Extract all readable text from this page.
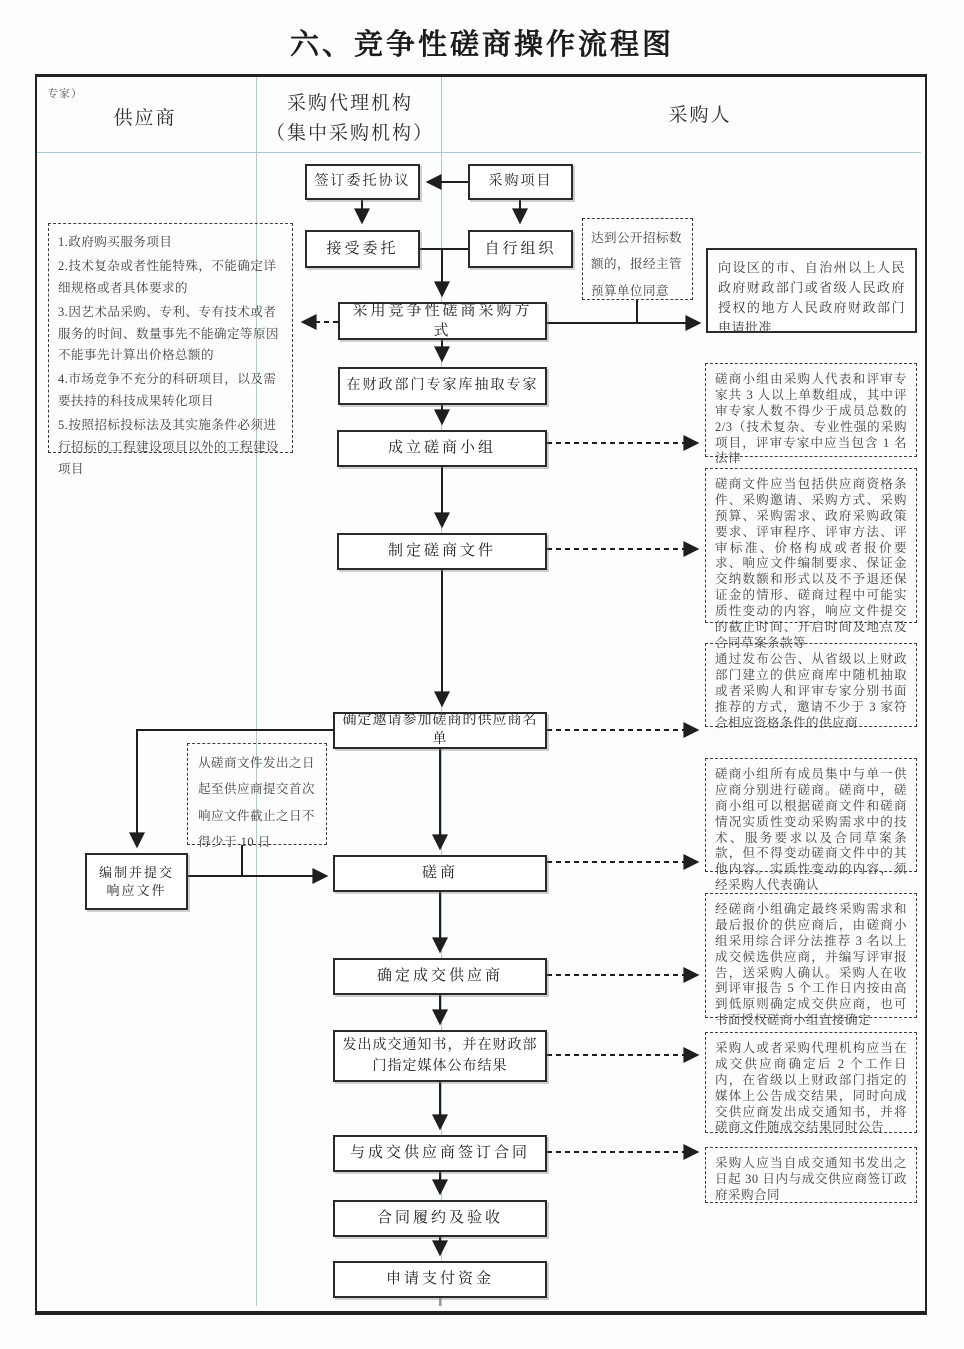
六、竞争性磋商操作流程图
专家）
供应商
采购代理机构
（集中采购机构）
采购人
签订委托协议	采购项目
接受委托	自行组织
采用竞争性磋商采购方式
在财政部门专家库抽取专家
成立磋商小组
制定磋商文件
确定邀请参加磋商的供应商名单
磋商
确定成交供应商
发出成交通知书，并在财政部门指定媒体公布结果
与成交供应商签订合同
合同履约及验收
申请支付资金
编制并提交
响应文件
向设区的市、自治州以上人民政府财政部门或省级人民政府授权的地方人民政府财政部门申请批准
1.政府购买服务项目
2.技术复杂或者性能特殊，不能确定详细规格或者具体要求的
3.因艺术品采购、专利、专有技术或者服务的时间、数量事先不能确定等原因不能事先计算出价格总额的
4.市场竞争不充分的科研项目，以及需要扶持的科技成果转化项目
5.按照招标投标法及其实施条件必须进行招标的工程建设项目以外的工程建设项目
达到公开招标数额的，报经主管预算单位同意
从磋商文件发出之日起至供应商提交首次响应文件截止之日不得少于 10 日
磋商小组由采购人代表和评审专家共 3 人以上单数组成，其中评审专家人数不得少于成员总数的 2/3（技术复杂、专业性强的采购项目，评审专家中应当包含 1 名法律
磋商文件应当包括供应商资格条件、采购邀请、采购方式、采购预算、采购需求、政府采购政策要求、评审程序、评审方法、评审标准、价格构成或者报价要求、响应文件编制要求、保证金交纳数额和形式以及不予退还保证金的情形、磋商过程中可能实质性变动的内容，响应文件提交的截止时间、开启时间及地点及合同草案条款等
通过发布公告、从省级以上财政部门建立的供应商库中随机抽取或者采购人和评审专家分别书面推荐的方式，邀请不少于 3 家符合相应资格条件的供应商
磋商小组所有成员集中与单一供应商分别进行磋商。磋商中，磋商小组可以根据磋商文件和磋商情况实质性变动采购需求中的技术、服务要求以及合同草案条款，但不得变动磋商文件中的其他内容。实质性变动的内容，须经采购人代表确认
经磋商小组确定最终采购需求和最后报价的供应商后，由磋商小组采用综合评分法推荐 3 名以上成交候选供应商，并编写评审报告，送采购人确认。采购人在收到评审报告 5 个工作日内按由高到低原则确定成交供应商，也可书面授权磋商小组直接确定
采购人或者采购代理机构应当在成交供应商确定后 2 个工作日内，在省级以上财政部门指定的媒体上公告成交结果，同时向成交供应商发出成交通知书，并将磋商文件随成交结果同时公告
采购人应当自成交通知书发出之日起 30 日内与成交供应商签订政府采购合同
